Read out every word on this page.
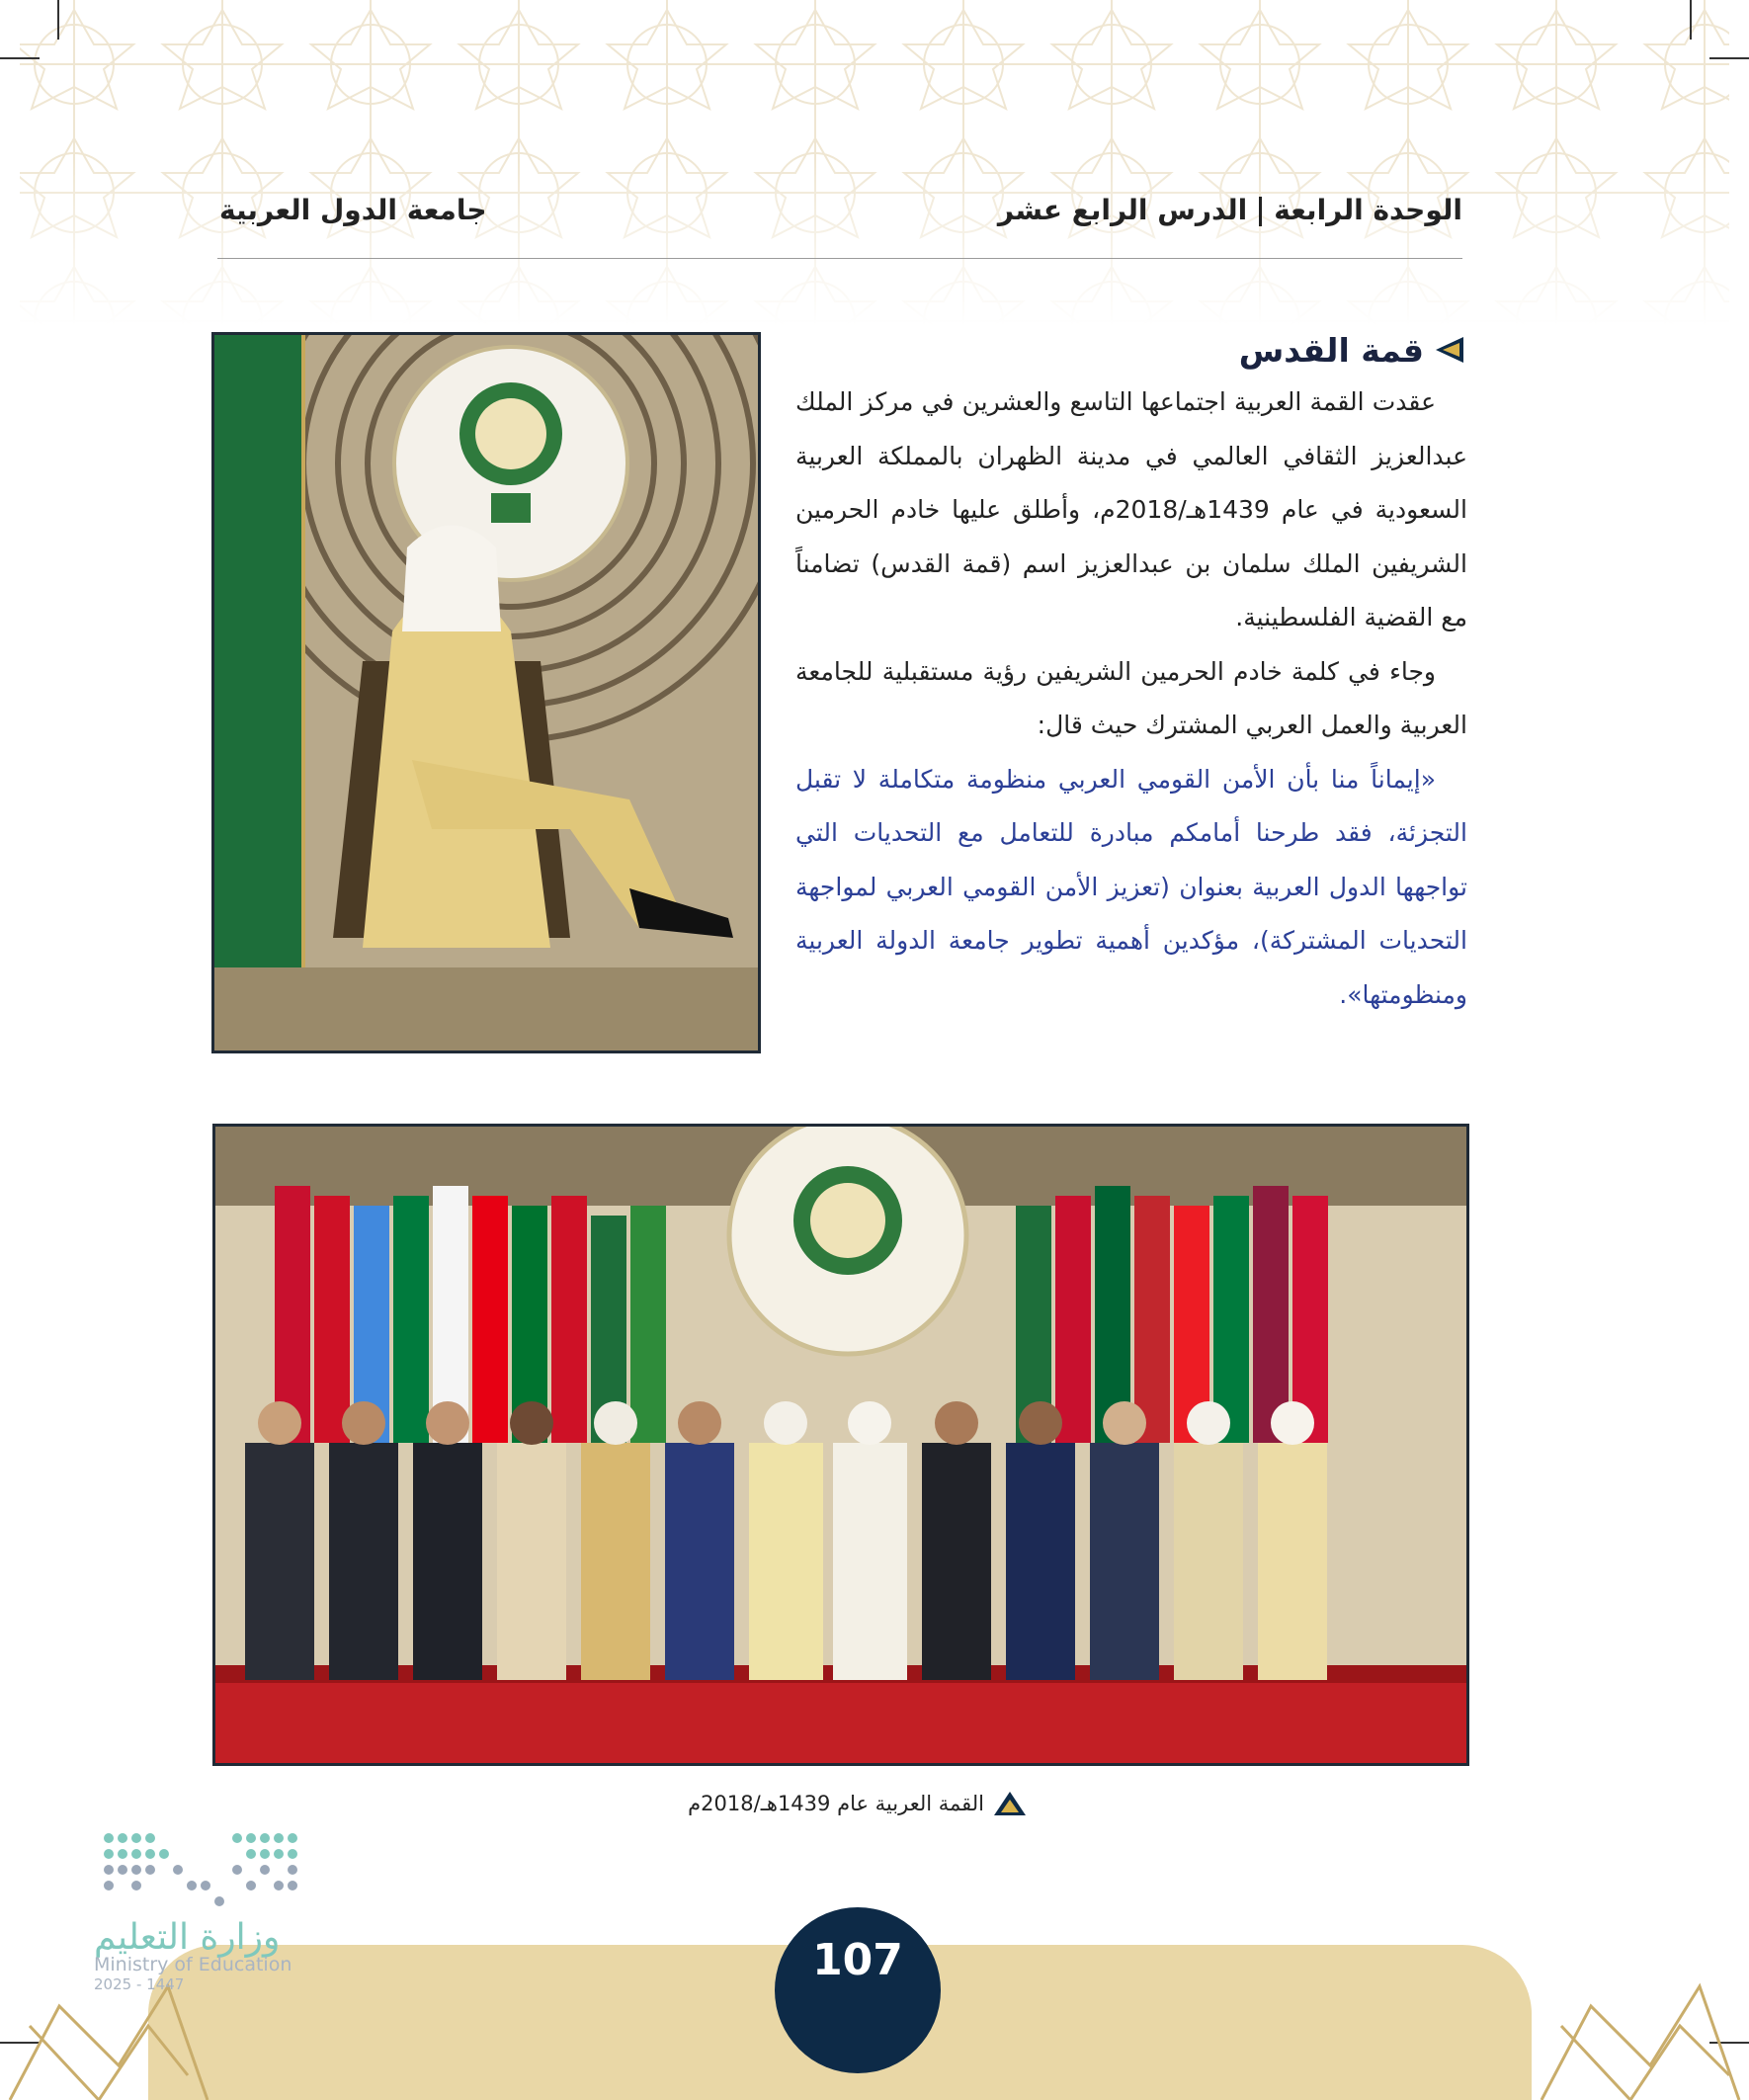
الوحدة الرابعةالدرس الرابع عشر
جامعة الدول العربية
قمة القدس
عقدت القمة العربية اجتماعها التاسع والعشرين في مركز الملك عبدالعزيز الثقافي العالمي في مدينة الظهران بالمملكة العربية السعودية في عام 1439هـ/2018م، وأطلق عليها خادم الحرمين الشريفين الملك سلمان بن عبدالعزيز اسم (قمة القدس) تضامناً مع القضية الفلسطينية.
وجاء في كلمة خادم الحرمين الشريفين رؤية مستقبلية للجامعة العربية والعمل العربي المشترك حيث قال:
«إيماناً منا بأن الأمن القومي العربي منظومة متكاملة لا تقبل التجزئة، فقد طرحنا أمامكم مبادرة للتعامل مع التحديات التي تواجهها الدول العربية بعنوان (تعزيز الأمن القومي العربي لمواجهة التحديات المشتركة)، مؤكدين أهمية تطوير جامعة الدولة العربية ومنظومتها».
القمة العربية عام 1439هـ/2018م
وزارة التعليم
Ministry of Education
2025 - 1447	107
